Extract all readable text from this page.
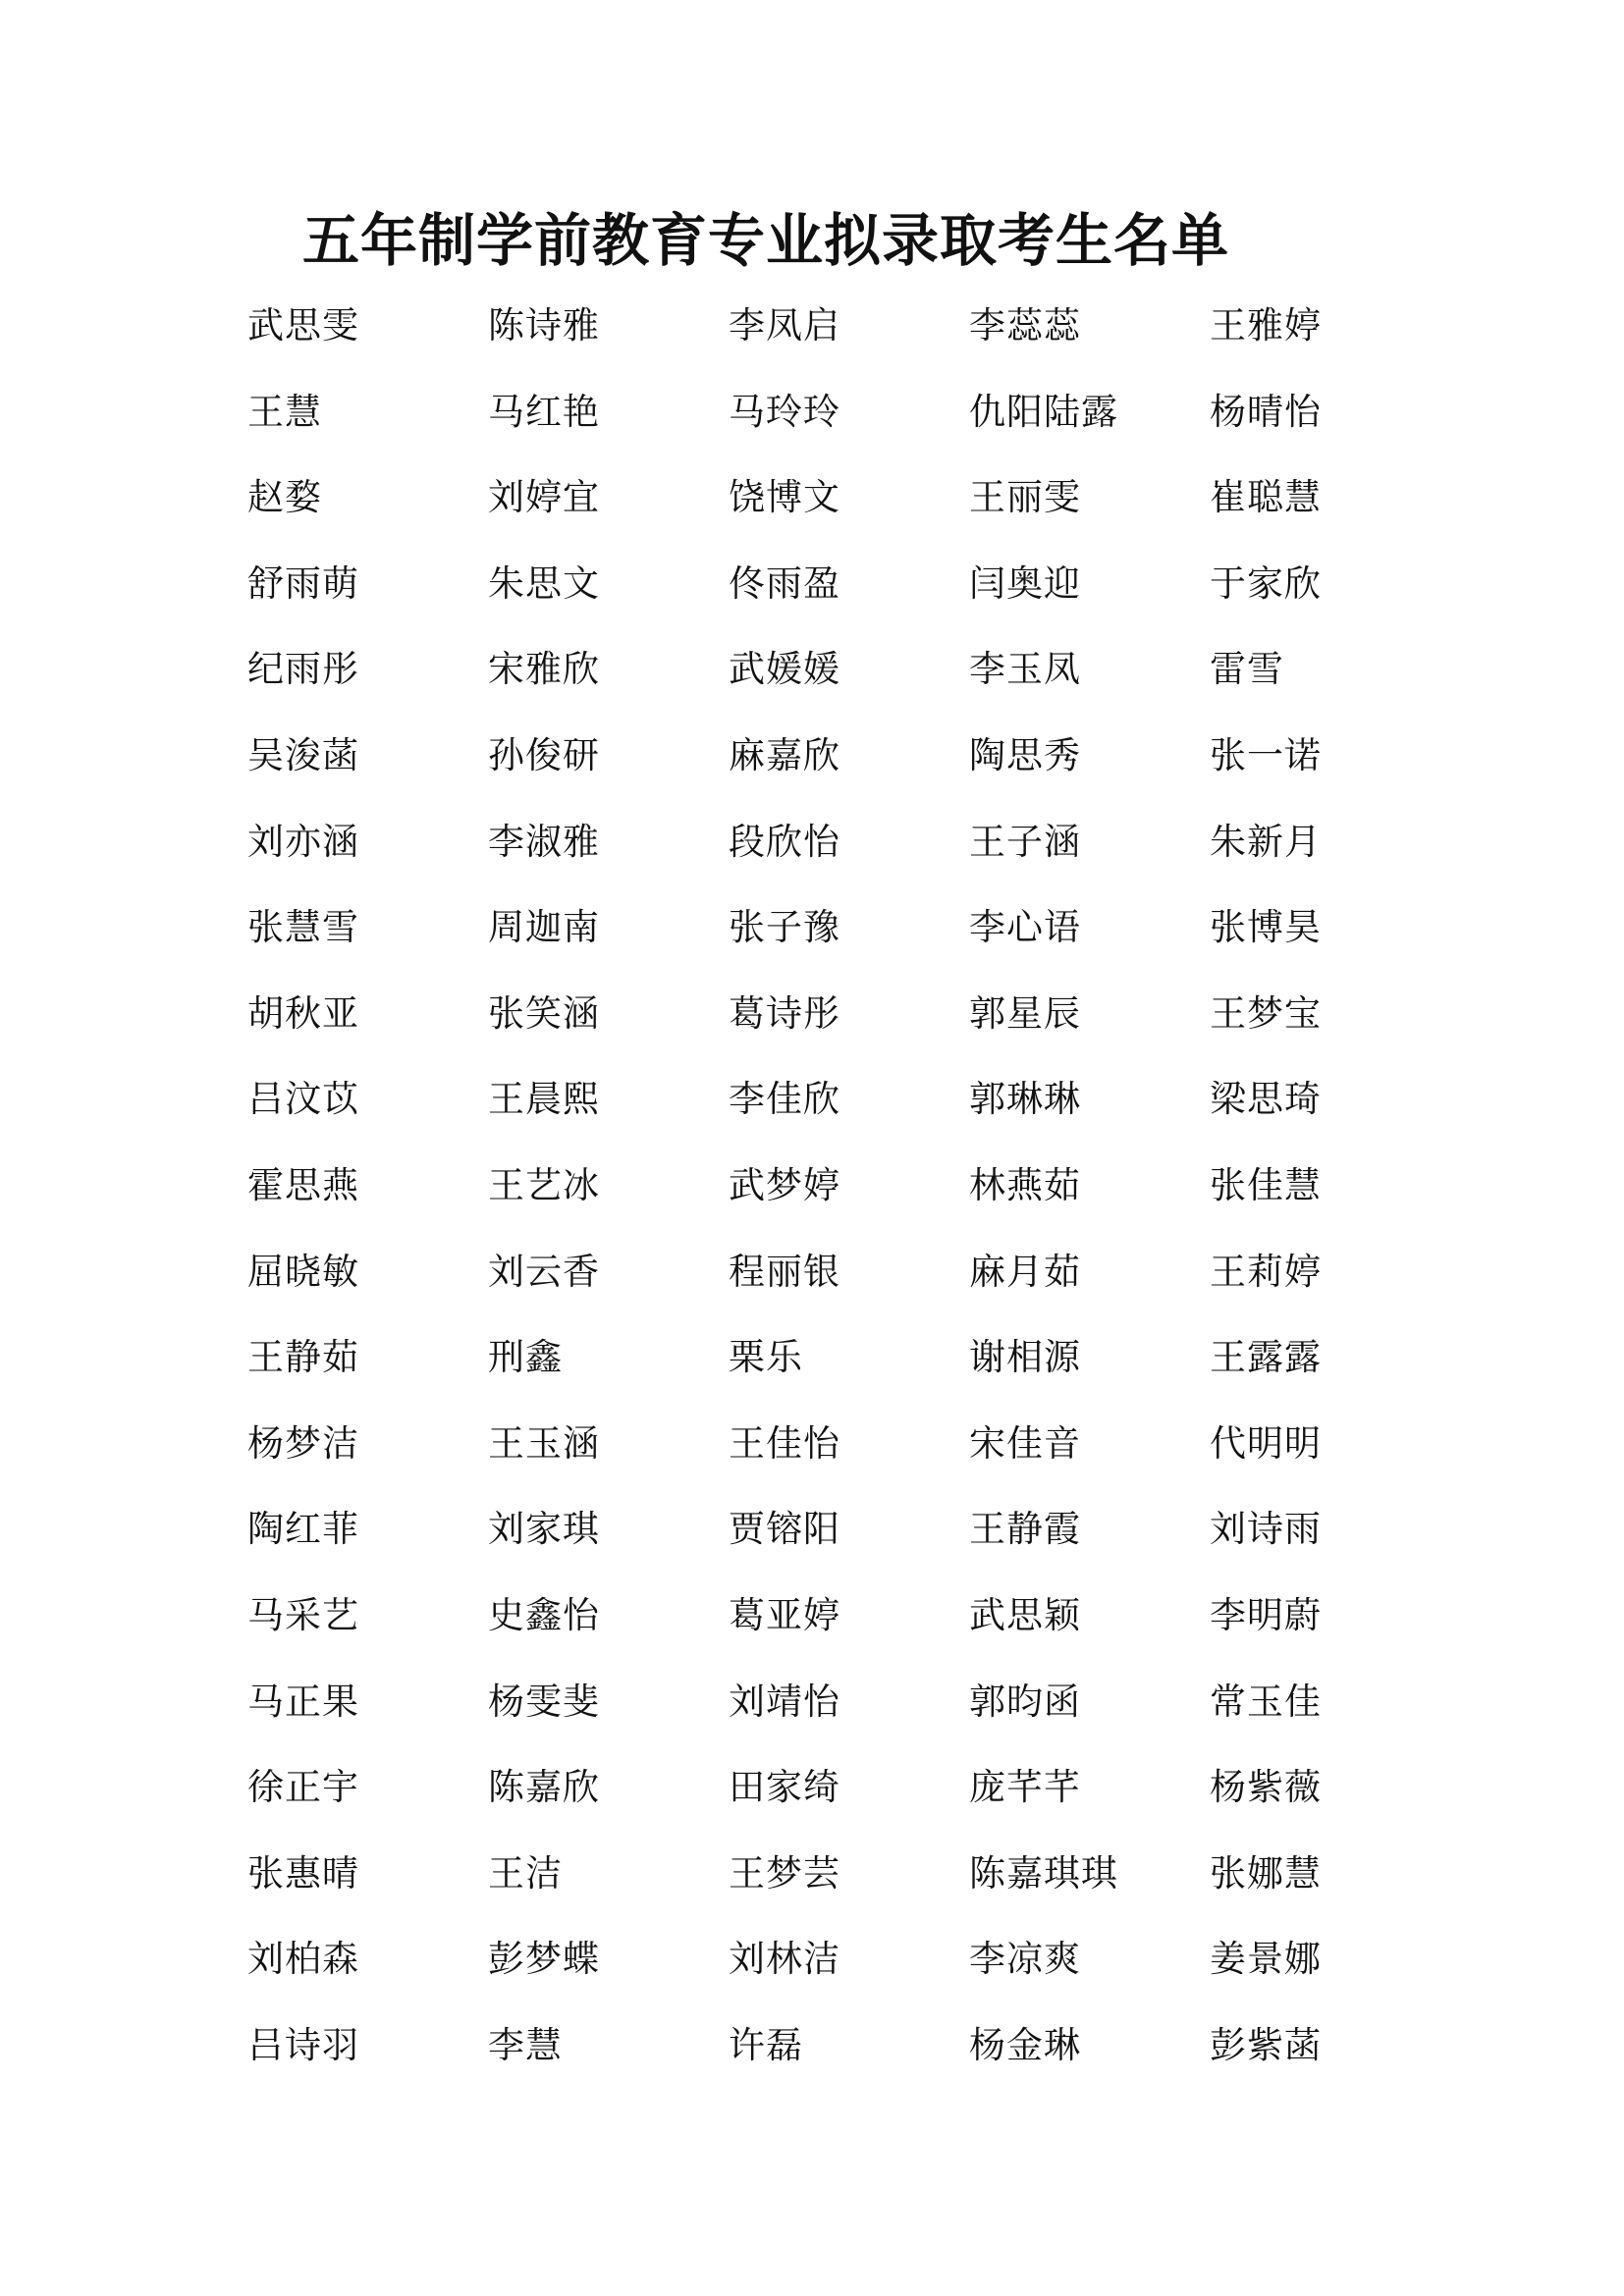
五年制学前教育专业拟录取考生名单
武思雯	陈诗雅	李凤启	李蕊蕊	王雅婷
王慧	马红艳	马玲玲	仇阳陆露	杨晴怡
赵婺	刘婷宜	饶博文	王丽雯	崔聪慧
舒雨萌	朱思文	佟雨盈	闫奥迎	于家欣
纪雨彤	宋雅欣	武媛媛	李玉凤	雷雪
吴浚菡	孙俊研	麻嘉欣	陶思秀	张一诺
刘亦涵	李淑雅	段欣怡	王子涵	朱新月
张慧雪	周迦南	张子豫	李心语	张博昊
胡秋亚	张笑涵	葛诗彤	郭星辰	王梦宝
吕汶苡	王晨熙	李佳欣	郭琳琳	梁思琦
霍思燕	王艺冰	武梦婷	林燕茹	张佳慧
屈晓敏	刘云香	程丽银	麻月茹	王莉婷
王静茹	刑鑫	栗乐	谢相源	王露露
杨梦洁	王玉涵	王佳怡	宋佳音	代明明
陶红菲	刘家琪	贾镕阳	王静霞	刘诗雨
马采艺	史鑫怡	葛亚婷	武思颖	李明蔚
马正果	杨雯斐	刘靖怡	郭昀函	常玉佳
徐正宇	陈嘉欣	田家绮	庞芊芊	杨紫薇
张惠晴	王洁	王梦芸	陈嘉琪琪	张娜慧
刘柏森	彭梦蝶	刘林洁	李凉爽	姜景娜
吕诗羽	李慧	许磊	杨金琳	彭紫菡
